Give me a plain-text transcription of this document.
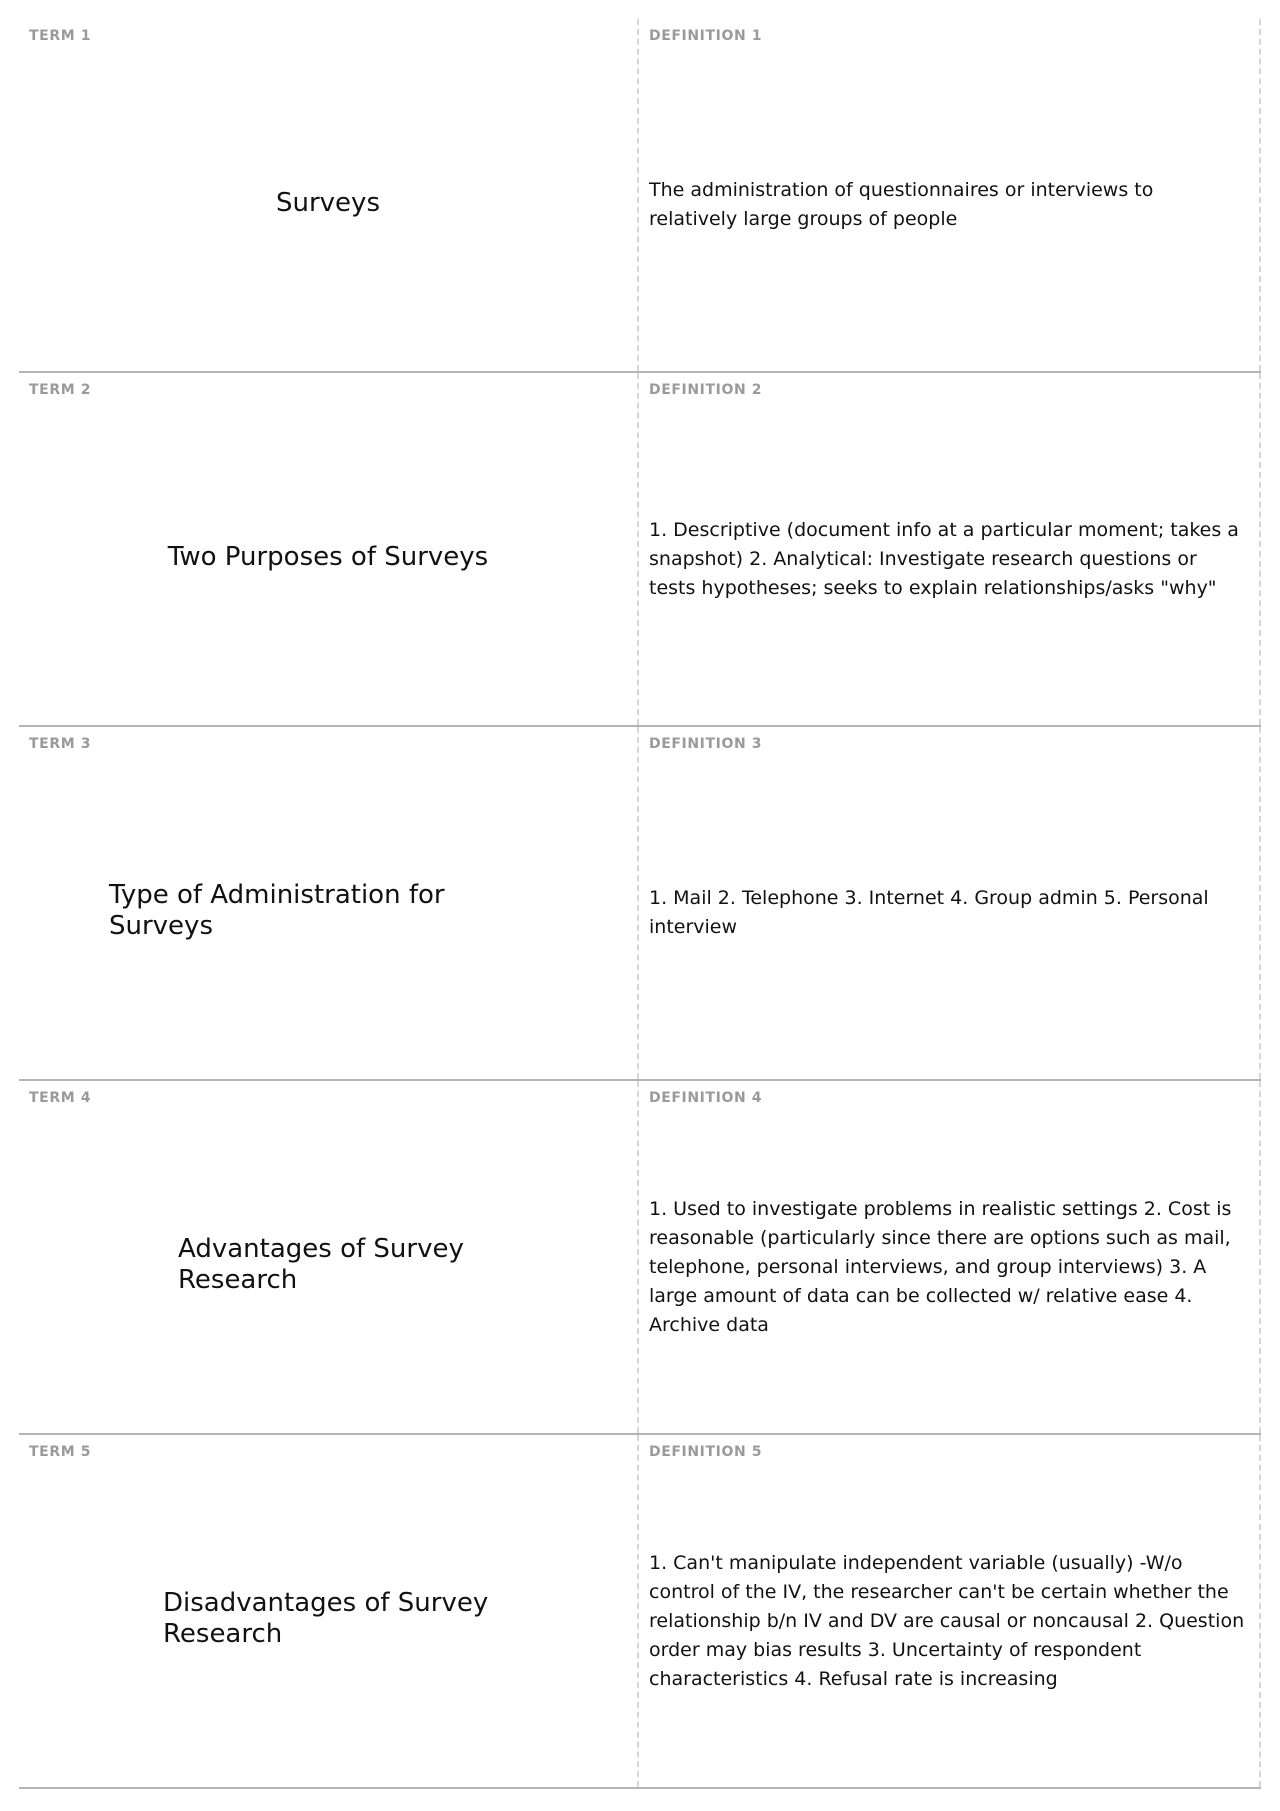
TERM 1
Surveys
DEFINITION 1
The administration of questionnaires or interviews to relatively large groups of people
TERM 2
Two Purposes of Surveys
DEFINITION 2
1. Descriptive (document info at a particular moment; takes a snapshot) 2. Analytical: Investigate research questions or tests hypotheses; seeks to explain relationships/asks "why"
TERM 3
Type of Administration for Surveys
DEFINITION 3
1. Mail 2. Telephone 3. Internet 4. Group admin 5. Personal interview
TERM 4
Advantages of Survey Research
DEFINITION 4
1. Used to investigate problems in realistic settings 2. Cost is reasonable (particularly since there are options such as mail, telephone, personal interviews, and group interviews) 3. A large amount of data can be collected w/ relative ease 4. Archive data
TERM 5
Disadvantages of Survey Research
DEFINITION 5
1. Can't manipulate independent variable (usually) -W/o control of the IV, the researcher can't be certain whether the relationship b/n IV and DV are causal or noncausal 2. Question order may bias results 3. Uncertainty of respondent characteristics 4. Refusal rate is increasing
